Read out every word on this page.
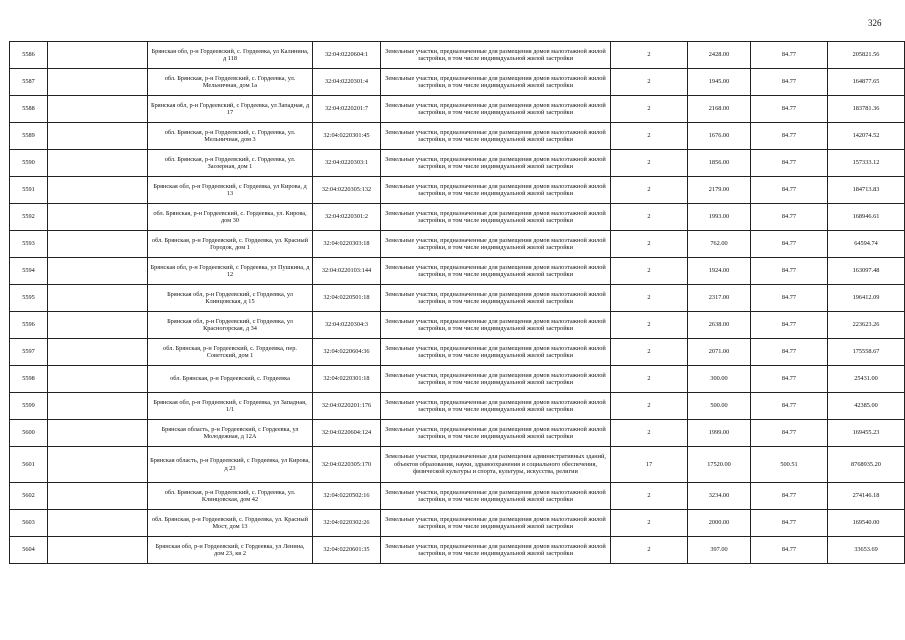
326
5586		Брянская обл, р-н Гордеевский, с. Гордеевка, ул Калинина, д 118	32:04:0220604:1	Земельные участки, предназначенные для размещения домов малоэтажной жилой застройки, в том числе индивидуальной жилой застройки	2	2428.00	84.77	205821.56
5587		обл. Брянская, р-н Гордеевский, с. Гордеевка, ул. Мельничная, дом 1а	32:04:0220301:4	Земельные участки, предназначенные для размещения домов малоэтажной жилой застройки, в том числе индивидуальной жилой застройки	2	1945.00	84.77	164877.65
5588		Брянская обл, р-н Гордеевский, с Гордеевка, ул Западная, д 17	32:04:0220201:7	Земельные участки, предназначенные для размещения домов малоэтажной жилой застройки, в том числе индивидуальной жилой застройки	2	2168.00	84.77	183781.36
5589		обл. Брянская, р-н Гордеевский, с. Гордеевка, ул. Мельничная, дом 3	32:04:0220301:45	Земельные участки, предназначенные для размещения домов малоэтажной жилой застройки, в том числе индивидуальной жилой застройки	2	1676.00	84.77	142074.52
5590		обл. Брянская, р-н Гордеевский, с. Гордеевка, ул. Заозерная, дом 1	32:04:0220303:1	Земельные участки, предназначенные для размещения домов малоэтажной жилой застройки, в том числе индивидуальной жилой застройки	2	1856.00	84.77	157333.12
5591		Брянская обл, р-н Гордеевский, с Гордеевка, ул Кирова, д 13	32:04:0220305:132	Земельные участки, предназначенные для размещения домов малоэтажной жилой застройки, в том числе индивидуальной жилой застройки	2	2179.00	84.77	184713.83
5592		обл. Брянская, р-н Гордеевский, с. Гордеевка, ул. Кирова, дом 30	32:04:0220301:2	Земельные участки, предназначенные для размещения домов малоэтажной жилой застройки, в том числе индивидуальной жилой застройки	2	1993.00	84.77	168946.61
5593		обл. Брянская, р-н Гордеевский, с. Гордеевка, ул. Красный Городок, дом 1	32:04:0220303:18	Земельные участки, предназначенные для размещения домов малоэтажной жилой застройки, в том числе индивидуальной жилой застройки	2	762.00	84.77	64594.74
5594		Брянская обл, р-н Гордеевский, с Гордеевка, ул Пушкина, д 12	32:04:0220103:144	Земельные участки, предназначенные для размещения домов малоэтажной жилой застройки, в том числе индивидуальной жилой застройки	2	1924.00	84.77	163097.48
5595		Брянская обл, р-н Гордеевский, с Гордеевка, ул Клинцовская, д 15	32:04:0220501:18	Земельные участки, предназначенные для размещения домов малоэтажной жилой застройки, в том числе индивидуальной жилой застройки	2	2317.00	84.77	196412.09
5596		Брянская обл, р-н Гордеевский, с Гордеевка, ул Красногорская, д 34	32:04:0220304:3	Земельные участки, предназначенные для размещения домов малоэтажной жилой застройки, в том числе индивидуальной жилой застройки	2	2638.00	84.77	223623.26
5597		обл. Брянская, р-н Гордеевский, с. Гордеевка, пер. Советский, дом 1	32:04:0220604:36	Земельные участки, предназначенные для размещения домов малоэтажной жилой застройки, в том числе индивидуальной жилой застройки	2	2071.00	84.77	175558.67
5598		обл. Брянская, р-н Гордеевский, с. Гордеевка	32:04:0220301:18	Земельные участки, предназначенные для размещения домов малоэтажной жилой застройки, в том числе индивидуальной жилой застройки	2	300.00	84.77	25431.00
5599		Брянская обл, р-н Гордеевский, с Гордеевка, ул Западная, 1/1	32:04:0220201:176	Земельные участки, предназначенные для размещения домов малоэтажной жилой застройки, в том числе индивидуальной жилой застройки	2	500.00	84.77	42385.00
5600		Брянская область, р-н Гордеевский, с Гордеевка, ул Молодежная, д 12А	32:04:0220604:124	Земельные участки, предназначенные для размещения домов малоэтажной жилой застройки, в том числе индивидуальной жилой застройки	2	1999.00	84.77	169455.23
5601		Брянская область, р-н Гордеевский, с Гордеевка, ул Кирова, д 23	32:04:0220305:170	Земельные участки, предназначенные для размещения административных зданий, объектов образования, науки, здравоохранения и социального обеспечения, физической культуры и спорта, культуры, искусства, религии	17	17520.00	500.51	8768935.20
5602		обл. Брянская, р-н Гордеевский, с. Гордеевка, ул. Клинцовская, дом 42	32:04:0220502:16	Земельные участки, предназначенные для размещения домов малоэтажной жилой застройки, в том числе индивидуальной жилой застройки	2	3234.00	84.77	274146.18
5603		обл. Брянская, р-н Гордеевский, с. Гордеевка, ул. Красный Мост, дом 13	32:04:0220302:26	Земельные участки, предназначенные для размещения домов малоэтажной жилой застройки, в том числе индивидуальной жилой застройки	2	2000.00	84.77	169540.00
5604		Брянская обл, р-н Гордеевский, с Гордеевка, ул Ленина, дом 23, кв 2	32:04:0220601:35	Земельные участки, предназначенные для размещения домов малоэтажной жилой застройки, в том числе индивидуальной жилой застройки	2	397.00	84.77	33653.69
